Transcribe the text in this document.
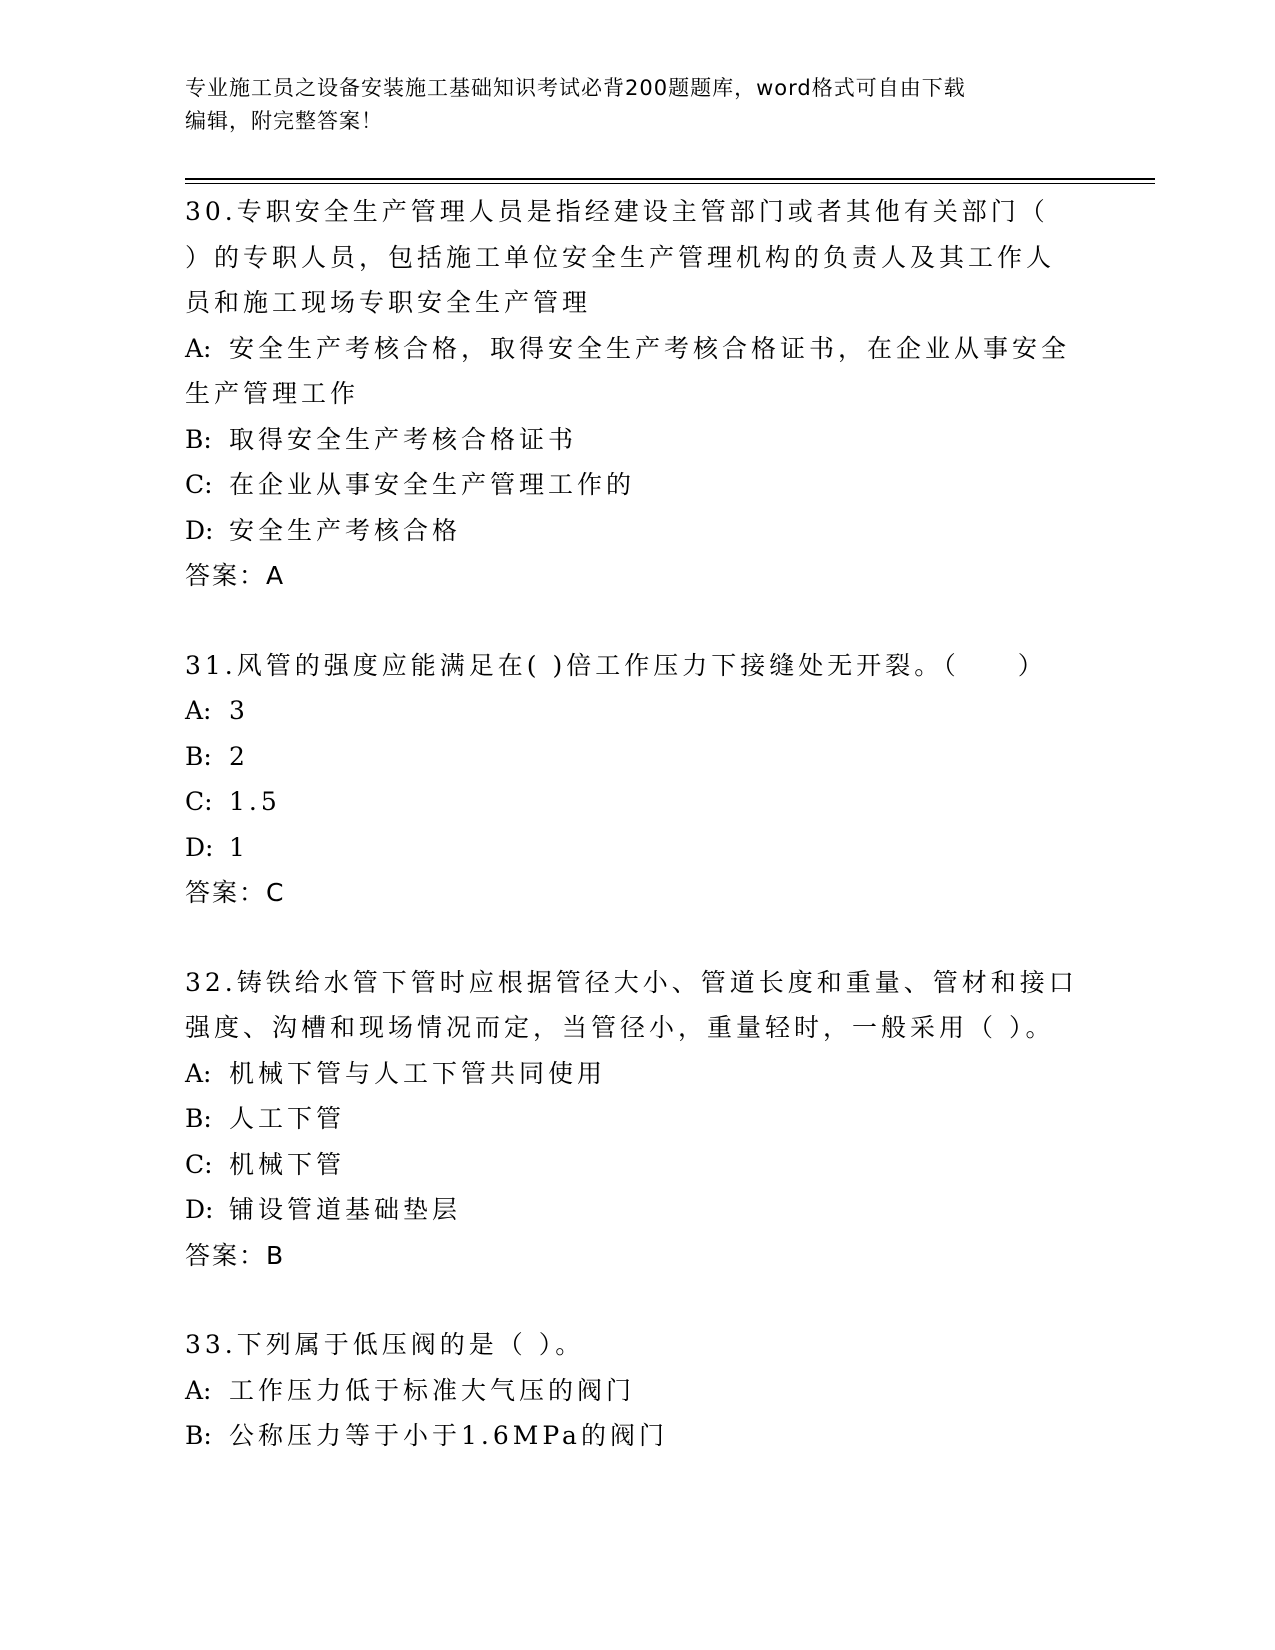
专业施工员之设备安装施工基础知识考试必背200题题库，word格式可自由下载
编辑，附完整答案！
30.专职安全生产管理人员是指经建设主管部门或者其他有关部门（
）的专职人员，包括施工单位安全生产管理机构的负责人及其工作人
员和施工现场专职安全生产管理
A: 安全生产考核合格，取得安全生产考核合格证书，在企业从事安全
生产管理工作
B: 取得安全生产考核合格证书
C: 在企业从事安全生产管理工作的
D: 安全生产考核合格
答案：A
31.风管的强度应能满足在( )倍工作压力下接缝处无开裂。（　　）
A: 3
B: 2
C: 1.5
D: 1
答案：C
32.铸铁给水管下管时应根据管径大小、管道长度和重量、管材和接口
强度、沟槽和现场情况而定，当管径小，重量轻时，一般采用（ ）。
A: 机械下管与人工下管共同使用
B: 人工下管
C: 机械下管
D: 铺设管道基础垫层
答案：B
33.下列属于低压阀的是（ ）。
A: 工作压力低于标准大气压的阀门
B: 公称压力等于小于1.6MPa的阀门
